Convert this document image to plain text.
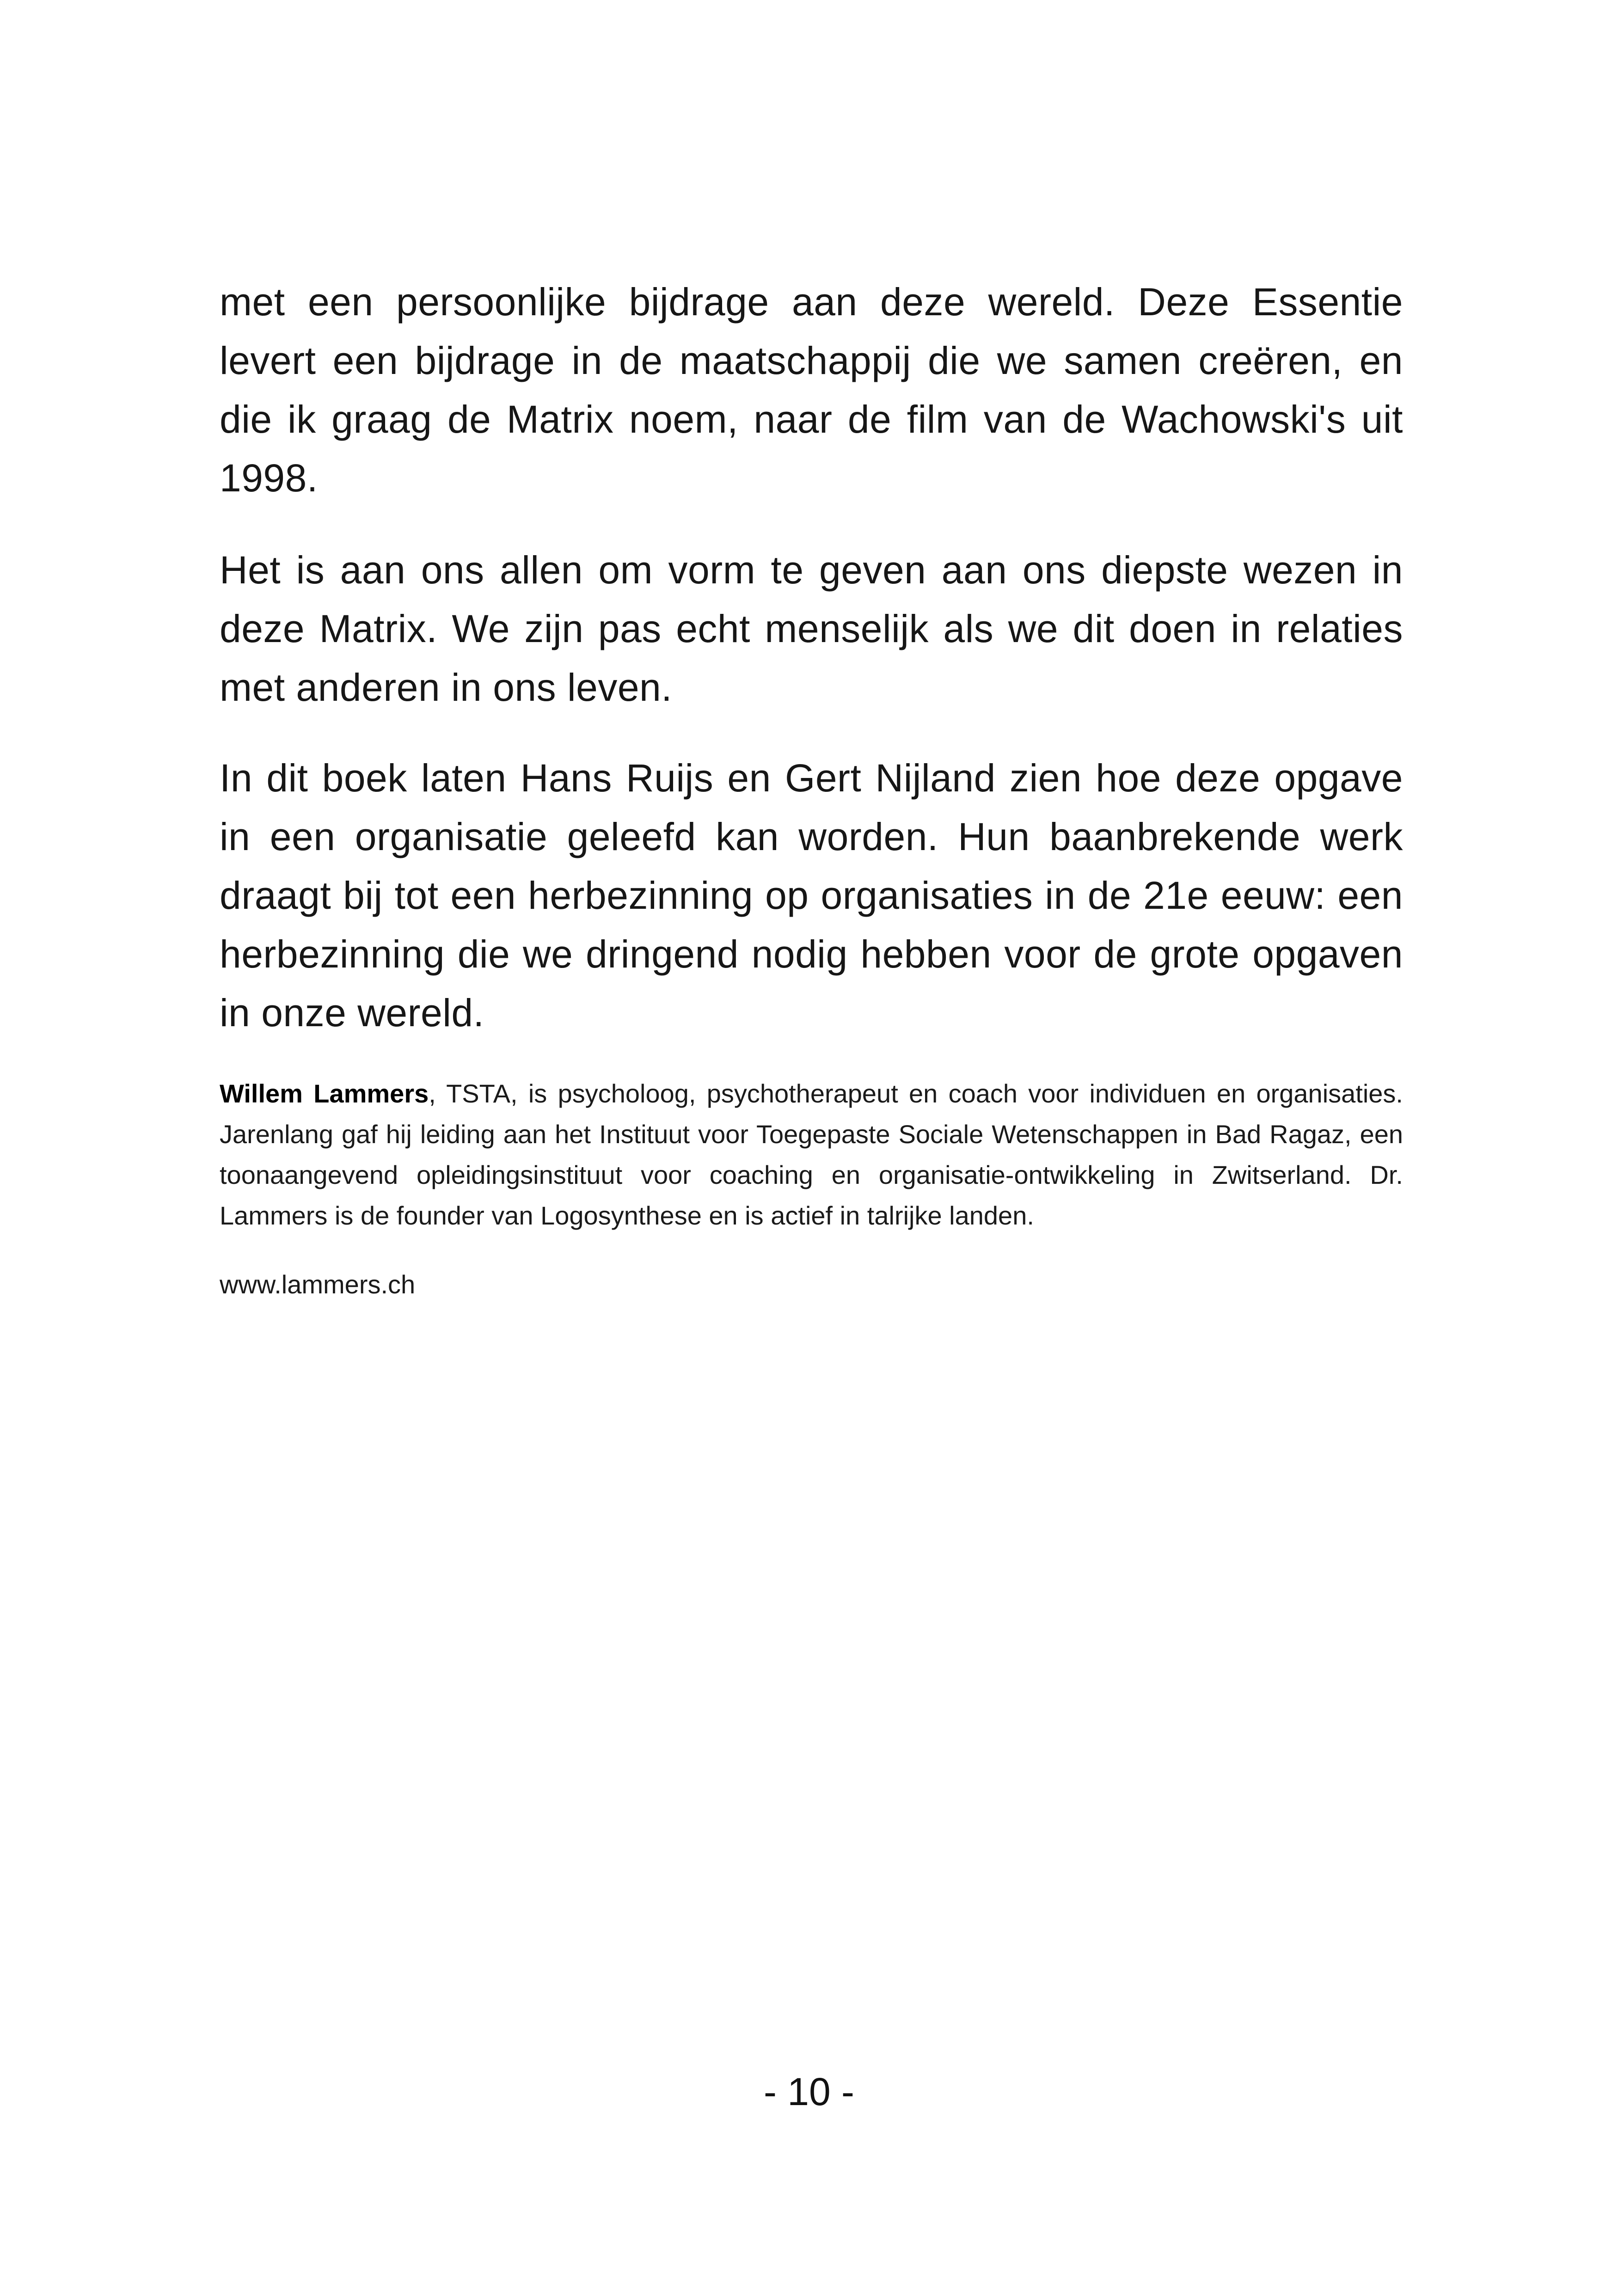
met een persoonlijke bijdrage aan deze wereld. Deze Essentie levert een bijdrage in de maatschappij die we samen creëren, en die ik graag de Matrix noem, naar de film van de Wachowski's uit 1998.

Het is aan ons allen om vorm te geven aan ons diepste wezen in deze Matrix. We zijn pas echt menselijk als we dit doen in relaties met anderen in ons leven.

In dit boek laten Hans Ruijs en Gert Nijland zien hoe deze opgave in een organisatie geleefd kan worden. Hun baanbrekende werk draagt bij tot een herbezinning op organisaties in de 21e eeuw: een herbezinning die we dringend nodig hebben voor de grote opgaven in onze wereld.

Willem Lammers, TSTA, is psycholoog, psychotherapeut en coach voor individuen en organisaties. Jarenlang gaf hij leiding aan het Instituut voor Toegepaste Sociale Wetenschappen in Bad Ragaz, een toonaangevend opleidingsinstituut voor coaching en organisatie-ontwikkeling in Zwitserland. Dr. Lammers is de founder van Logosynthese en is actief in talrijke landen.

www.lammers.ch

- 10 -
